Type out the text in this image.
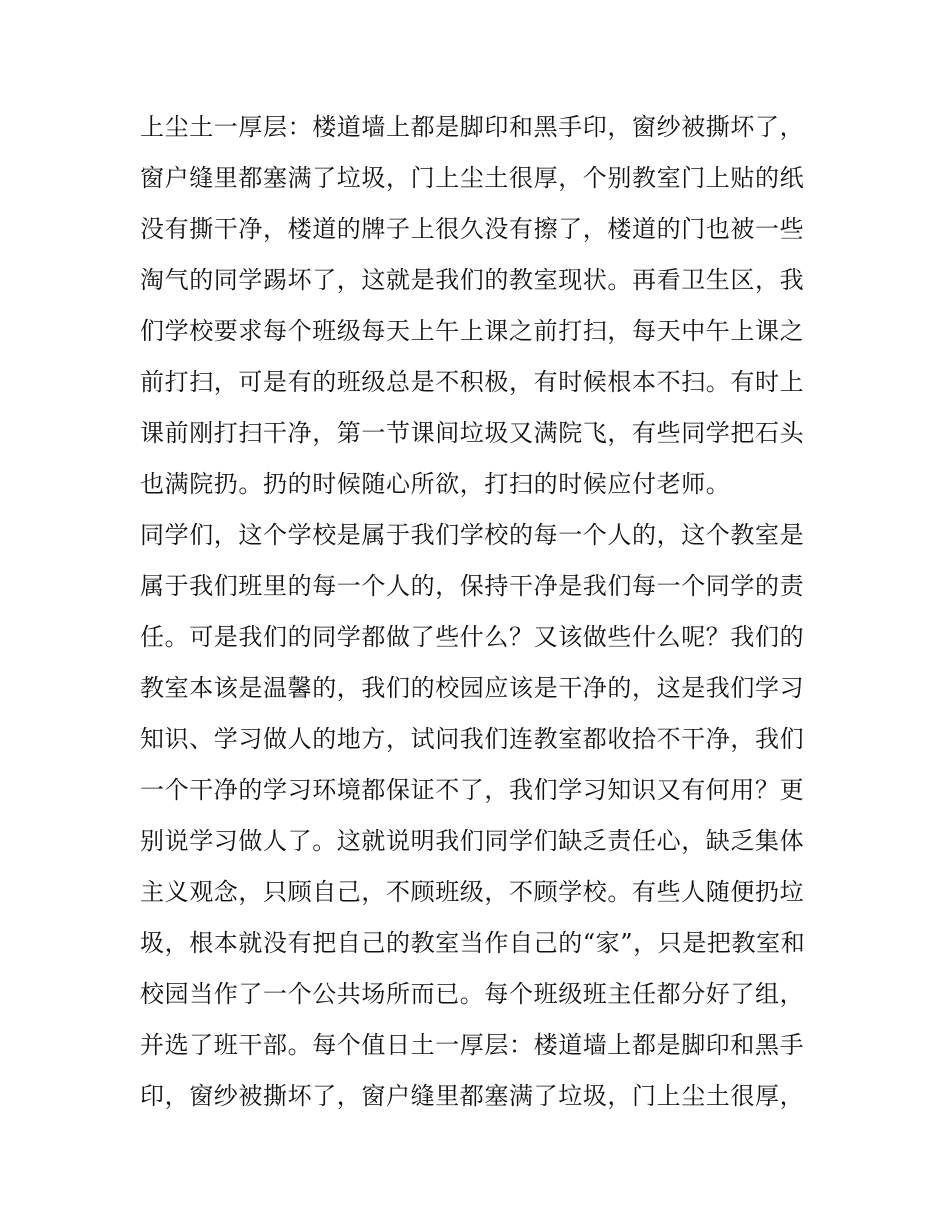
上尘土一厚层：楼道墙上都是脚印和黑手印，窗纱被撕坏了，
窗户缝里都塞满了垃圾，门上尘土很厚，个别教室门上贴的纸
没有撕干净，楼道的牌子上很久没有擦了，楼道的门也被一些
淘气的同学踢坏了，这就是我们的教室现状。再看卫生区，我
们学校要求每个班级每天上午上课之前打扫，每天中午上课之
前打扫，可是有的班级总是不积极，有时候根本不扫。有时上
课前刚打扫干净，第一节课间垃圾又满院飞，有些同学把石头
也满院扔。扔的时候随心所欲，打扫的时候应付老师。
同学们，这个学校是属于我们学校的每一个人的，这个教室是
属于我们班里的每一个人的，保持干净是我们每一个同学的责
任。可是我们的同学都做了些什么？又该做些什么呢？我们的
教室本该是温馨的，我们的校园应该是干净的，这是我们学习
知识、学习做人的地方，试问我们连教室都收拾不干净，我们
一个干净的学习环境都保证不了，我们学习知识又有何用？更
别说学习做人了。这就说明我们同学们缺乏责任心，缺乏集体
主义观念，只顾自己，不顾班级，不顾学校。有些人随便扔垃
圾，根本就没有把自己的教室当作自己的“家”，只是把教室和
校园当作了一个公共场所而已。每个班级班主任都分好了组，
并选了班干部。每个值日土一厚层：楼道墙上都是脚印和黑手
印，窗纱被撕坏了，窗户缝里都塞满了垃圾，门上尘土很厚，
